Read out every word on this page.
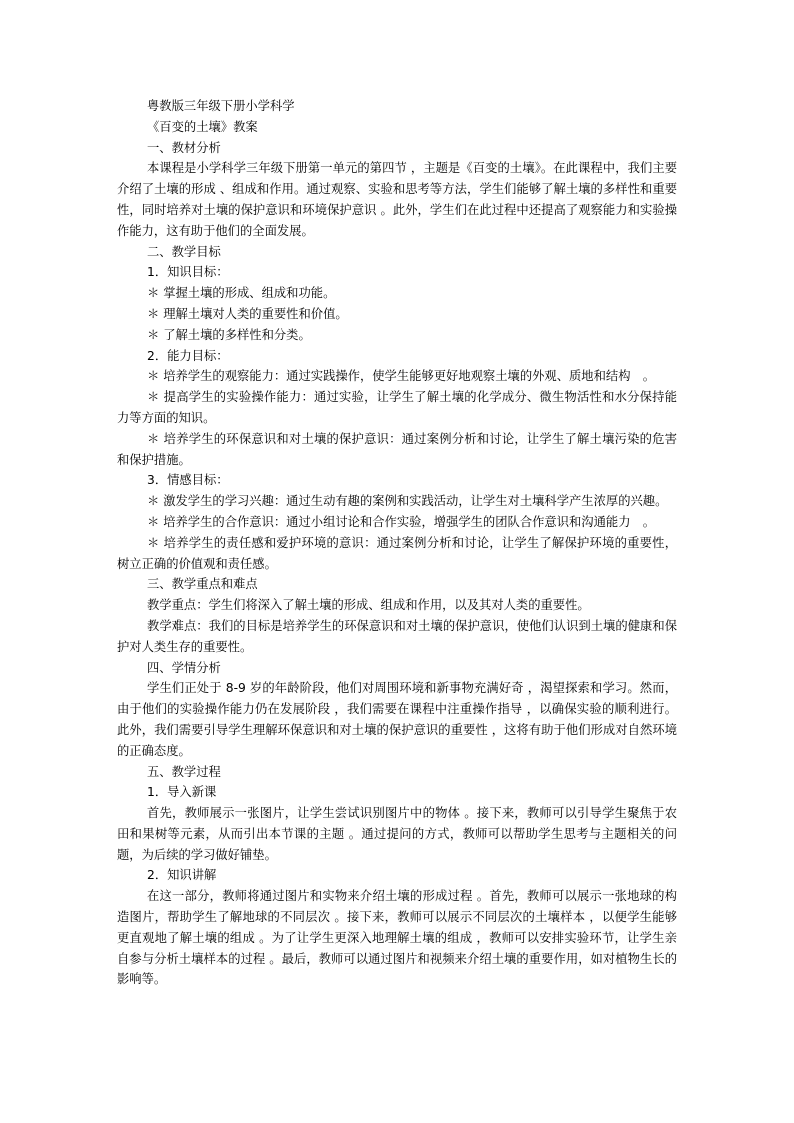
粤教版三年级下册小学科学
《百变的土壤》教案
一、教材分析
本课程是小学科学三年级下册第一单元的第四节 ，主题是《百变的土壤》。在此课程中，我们主要介绍了土壤的形成 、组成和作用。通过观察、实验和思考等方法，学生们能够了解土壤的多样性和重要性，同时培养对土壤的保护意识和环境保护意识 。此外，学生们在此过程中还提高了观察能力和实验操作能力，这有助于他们的全面发展。
二、教学目标
1．知识目标：
＊ 掌握土壤的形成、组成和功能。
＊ 理解土壤对人类的重要性和价值。
＊ 了解土壤的多样性和分类。
2．能力目标：
＊ 培养学生的观察能力：通过实践操作，使学生能够更好地观察土壤的外观、质地和结构　。
＊ 提高学生的实验操作能力：通过实验，让学生了解土壤的化学成分、微生物活性和水分保持能力等方面的知识。
＊ 培养学生的环保意识和对土壤的保护意识：通过案例分析和讨论，让学生了解土壤污染的危害和保护措施。
3．情感目标：
＊ 激发学生的学习兴趣：通过生动有趣的案例和实践活动，让学生对土壤科学产生浓厚的兴趣。
＊ 培养学生的合作意识：通过小组讨论和合作实验，增强学生的团队合作意识和沟通能力　。
＊ 培养学生的责任感和爱护环境的意识：通过案例分析和讨论，让学生了解保护环境的重要性，树立正确的价值观和责任感。
三、教学重点和难点
教学重点：学生们将深入了解土壤的形成、组成和作用，以及其对人类的重要性。
教学难点：我们的目标是培养学生的环保意识和对土壤的保护意识，使他们认识到土壤的健康和保护对人类生存的重要性。
四、学情分析
学生们正处于 8-9 岁的年龄阶段，他们对周围环境和新事物充满好奇 ，渴望探索和学习。然而，由于他们的实验操作能力仍在发展阶段 ，我们需要在课程中注重操作指导 ，以确保实验的顺利进行。此外，我们需要引导学生理解环保意识和对土壤的保护意识的重要性 ，这将有助于他们形成对自然环境的正确态度。
五、教学过程
1．导入新课
首先，教师展示一张图片，让学生尝试识别图片中的物体 。接下来，教师可以引导学生聚焦于农田和果树等元素，从而引出本节课的主题 。通过提问的方式，教师可以帮助学生思考与主题相关的问题，为后续的学习做好铺垫。
2．知识讲解
在这一部分，教师将通过图片和实物来介绍土壤的形成过程 。首先，教师可以展示一张地球的构造图片，帮助学生了解地球的不同层次 。接下来，教师可以展示不同层次的土壤样本 ，以便学生能够更直观地了解土壤的组成 。为了让学生更深入地理解土壤的组成 ，教师可以安排实验环节，让学生亲自参与分析土壤样本的过程 。最后，教师可以通过图片和视频来介绍土壤的重要作用，如对植物生长的影响等。
